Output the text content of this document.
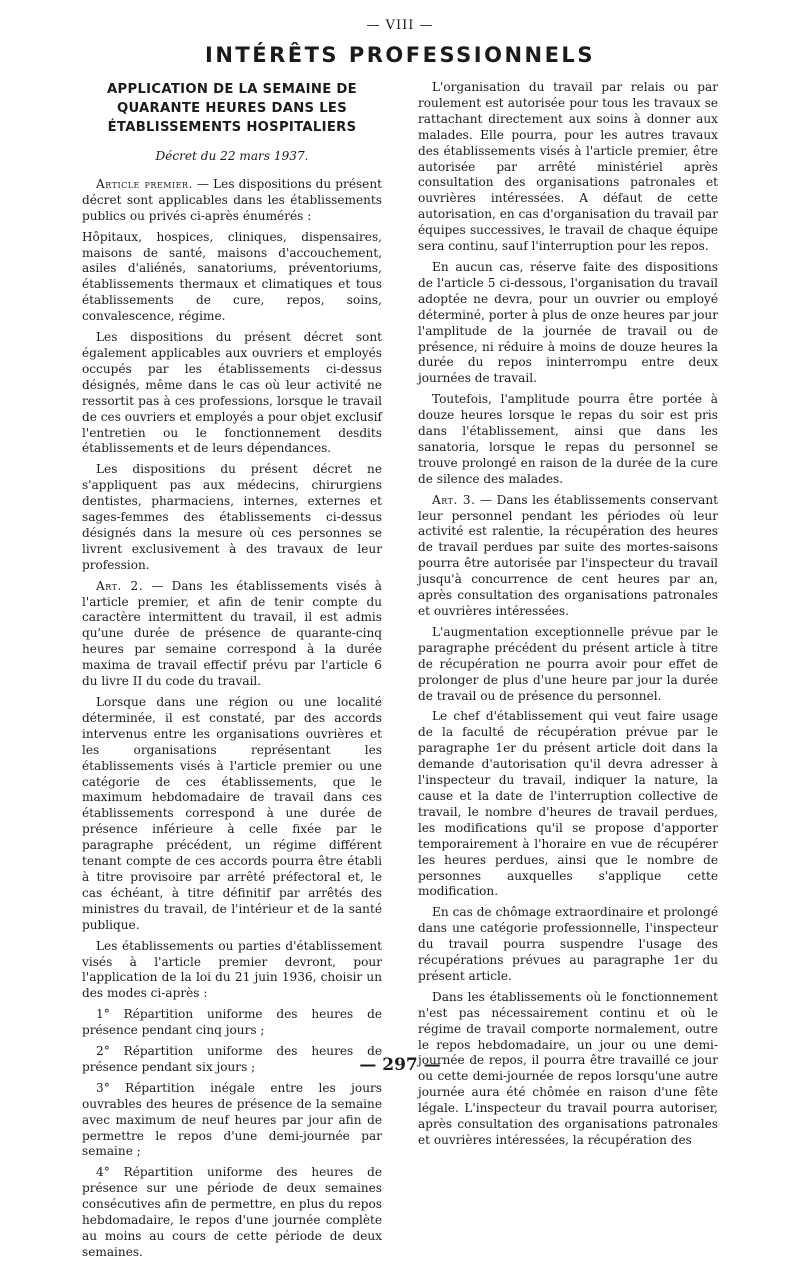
— VIII —
INTÉRÊTS PROFESSIONNELS
APPLICATION DE LA SEMAINE DE QUARANTE HEURES DANS LES ÉTABLISSEMENTS HOSPITALIERS
Décret du 22 mars 1937.

Article premier. — Les dispositions du présent décret sont applicables dans les établissements publics ou privés ci-après énumérés :

Hôpitaux, hospices, cliniques, dispensaires, maisons de santé, maisons d'accouchement, asiles d'aliénés, sanatoriums, préventoriums, établissements thermaux et climatiques et tous établissements de cure, repos, soins, convalescence, régime.

Les dispositions du présent décret sont également applicables aux ouvriers et employés occupés par les établissements ci-dessus désignés, même dans le cas où leur activité ne ressortit pas à ces professions, lorsque le travail de ces ouvriers et employés a pour objet exclusif l'entretien ou le fonctionnement desdits établissements et de leurs dépendances.

Les dispositions du présent décret ne s'appliquent pas aux médecins, chirurgiens dentistes, pharmaciens, internes, externes et sages-femmes des établissements ci-dessus désignés dans la mesure où ces personnes se livrent exclusivement à des travaux de leur profession.

Art. 2. — Dans les établissements visés à l'article premier, et afin de tenir compte du caractère intermittent du travail, il est admis qu'une durée de présence de quarante-cinq heures par semaine correspond à la durée maxima de travail effectif prévu par l'article 6 du livre II du code du travail.

Lorsque dans une région ou une localité déterminée, il est constaté, par des accords intervenus entre les organisations ouvrières et les organisations représentant les établissements visés à l'article premier ou une catégorie de ces établissements, que le maximum hebdomadaire de travail dans ces établissements correspond à une durée de présence inférieure à celle fixée par le paragraphe précédent, un régime différent tenant compte de ces accords pourra être établi à titre provisoire par arrêté préfectoral et, le cas échéant, à titre définitif par arrêtés des ministres du travail, de l'intérieur et de la santé publique.

Les établissements ou parties d'établissement visés à l'article premier devront, pour l'application de la loi du 21 juin 1936, choisir un des modes ci-après :

1° Répartition uniforme des heures de présence pendant cinq jours ;

2° Répartition uniforme des heures de présence pendant six jours ;

3° Répartition inégale entre les jours ouvrables des heures de présence de la semaine avec maximum de neuf heures par jour afin de permettre le repos d'une demi-journée par semaine ;

4° Répartition uniforme des heures de présence sur une période de deux semaines consécutives afin de permettre, en plus du repos hebdomadaire, le repos d'une journée complète au moins au cours de cette période de deux semaines.

L'organisation du travail par relais ou par roulement est autorisée pour tous les travaux se rattachant directement aux soins à donner aux malades. Elle pourra, pour les autres travaux des établissements visés à l'article premier, être autorisée par arrêté ministériel après consultation des organisations patronales et ouvrières intéressées. A défaut de cette autorisation, en cas d'organisation du travail par équipes successives, le travail de chaque équipe sera continu, sauf l'interruption pour les repos.

En aucun cas, réserve faite des dispositions de l'article 5 ci-dessous, l'organisation du travail adoptée ne devra, pour un ouvrier ou employé déterminé, porter à plus de onze heures par jour l'amplitude de la journée de travail ou de présence, ni réduire à moins de douze heures la durée du repos ininterrompu entre deux journées de travail.

Toutefois, l'amplitude pourra être portée à douze heures lorsque le repas du soir est pris dans l'établissement, ainsi que dans les sanatoria, lorsque le repas du personnel se trouve prolongé en raison de la durée de la cure de silence des malades.

Art. 3. — Dans les établissements conservant leur personnel pendant les périodes où leur activité est ralentie, la récupération des heures de travail perdues par suite des mortes-saisons pourra être autorisée par l'inspecteur du travail jusqu'à concurrence de cent heures par an, après consultation des organisations patronales et ouvrières intéressées.

L'augmentation exceptionnelle prévue par le paragraphe précédent du présent article à titre de récupération ne pourra avoir pour effet de prolonger de plus d'une heure par jour la durée de travail ou de présence du personnel.

Le chef d'établissement qui veut faire usage de la faculté de récupération prévue par le paragraphe 1er du présent article doit dans la demande d'autorisation qu'il devra adresser à l'inspecteur du travail, indiquer la nature, la cause et la date de l'interruption collective de travail, le nombre d'heures de travail perdues, les modifications qu'il se propose d'apporter temporairement à l'horaire en vue de récupérer les heures perdues, ainsi que le nombre de personnes auxquelles s'applique cette modification.

En cas de chômage extraordinaire et prolongé dans une catégorie professionnelle, l'inspecteur du travail pourra suspendre l'usage des récupérations prévues au paragraphe 1er du présent article.

Dans les établissements où le fonctionnement n'est pas nécessairement continu et où le régime de travail comporte normalement, outre le repos hebdomadaire, un jour ou une demi-journée de repos, il pourra être travaillé ce jour ou cette demi-journée de repos lorsqu'une autre journée aura été chômée en raison d'une fête légale. L'inspecteur du travail pourra autoriser, après consultation des organisations patronales et ouvrières intéressées, la récupération des

— 297 —
